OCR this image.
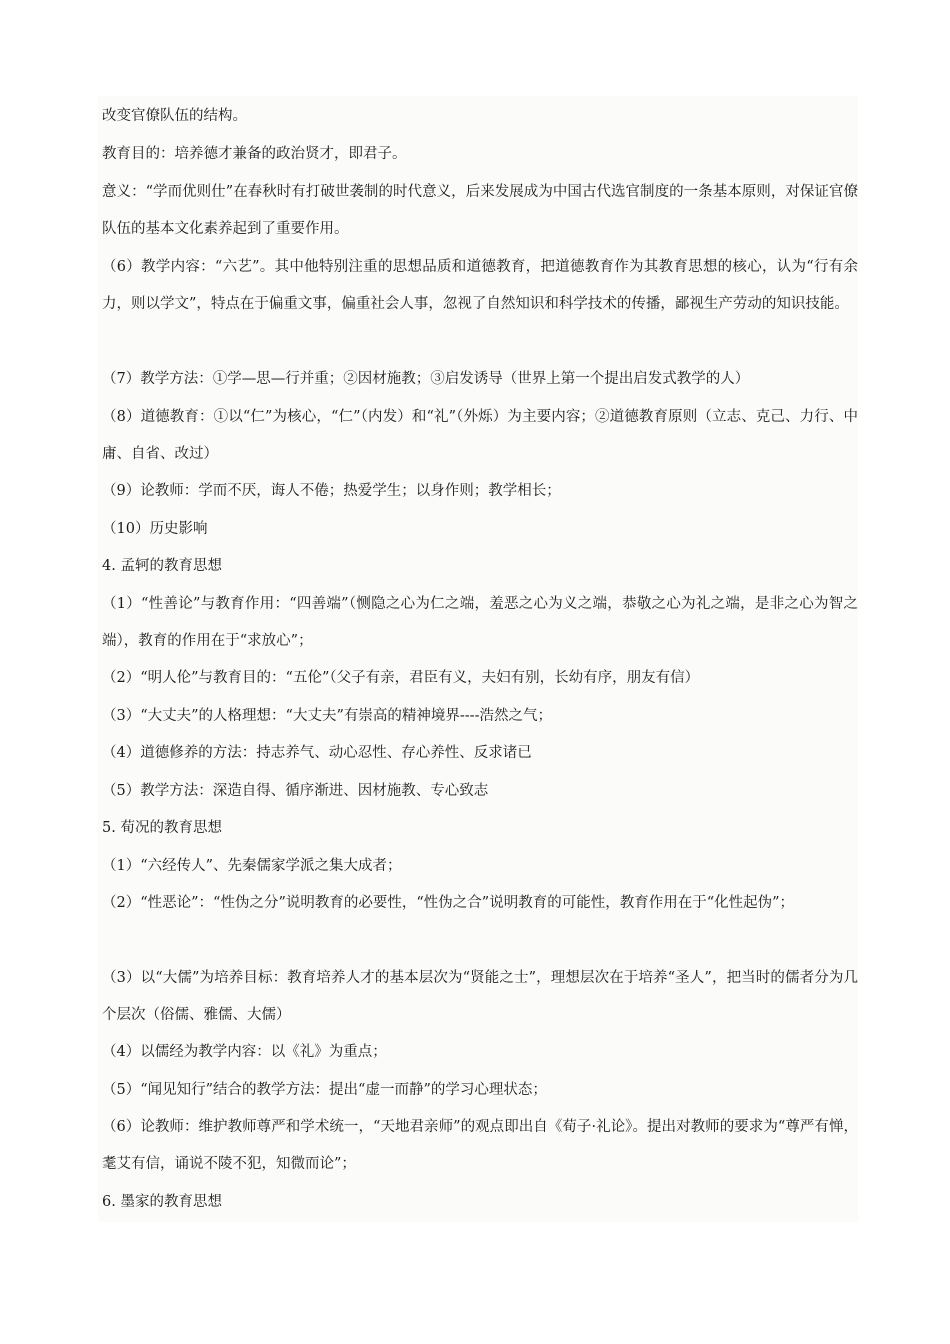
改变官僚队伍的结构。

教育目的：培养德才兼备的政治贤才，即君子。

意义：“学而优则仕”在春秋时有打破世袭制的时代意义，后来发展成为中国古代选官制度的一条基本原则，对保证官僚队伍的基本文化素养起到了重要作用。

（6）教学内容：“六艺”。其中他特别注重的思想品质和道德教育，把道德教育作为其教育思想的核心，认为“行有余力，则以学文”，特点在于偏重文事，偏重社会人事，忽视了自然知识和科学技术的传播，鄙视生产劳动的知识技能。

（7）教学方法：①学—思—行并重；②因材施教；③启发诱导（世界上第一个提出启发式教学的人）

（8）道德教育：①以“仁”为核心，“仁”（内发）和“礼”（外烁）为主要内容；②道德教育原则（立志、克己、力行、中庸、自省、改过）

（9）论教师：学而不厌，诲人不倦；热爱学生；以身作则；教学相长；

（10）历史影响

4. 孟轲的教育思想

（1）“性善论”与教育作用：“四善端”（恻隐之心为仁之端，羞恶之心为义之端，恭敬之心为礼之端，是非之心为智之端），教育的作用在于“求放心”；

（2）“明人伦”与教育目的：“五伦”（父子有亲，君臣有义，夫妇有别，长幼有序，朋友有信）

（3）“大丈夫”的人格理想：“大丈夫”有崇高的精神境界----浩然之气；

（4）道德修养的方法：持志养气、动心忍性、存心养性、反求诸已

（5）教学方法：深造自得、循序渐进、因材施教、专心致志

5. 荀况的教育思想

（1）“六经传人”、先秦儒家学派之集大成者；

（2）“性恶论”：“性伪之分”说明教育的必要性，“性伪之合”说明教育的可能性，教育作用在于“化性起伪”；

（3）以“大儒”为培养目标：教育培养人才的基本层次为“贤能之士”，理想层次在于培养“圣人”，把当时的儒者分为几个层次（俗儒、雅儒、大儒）

（4）以儒经为教学内容：以《礼》为重点；

（5）“闻见知行”结合的教学方法：提出“虚一而静”的学习心理状态；

（6）论教师：维护教师尊严和学术统一，“天地君亲师”的观点即出自《荀子·礼论》。提出对教师的要求为“尊严有惮，耄艾有信，诵说不陵不犯，知微而论”；

6. 墨家的教育思想
